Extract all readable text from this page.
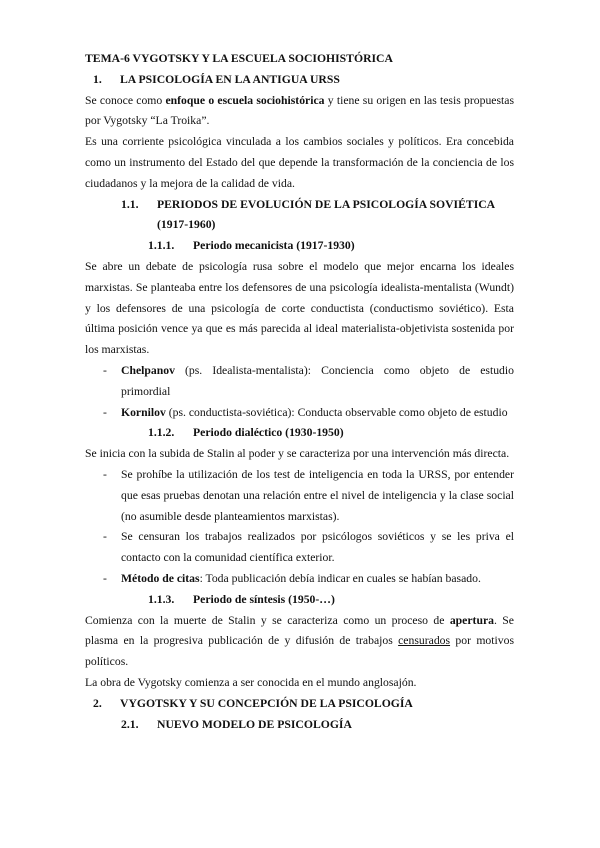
TEMA-6 VYGOTSKY Y LA ESCUELA SOCIOHISTÓRICA

1.	LA PSICOLOGÍA EN LA ANTIGUA URSS

Se conoce como enfoque o escuela sociohistórica y tiene su origen en las tesis propuestas por Vygotsky “La Troika”.

Es una corriente psicológica vinculada a los cambios sociales y políticos. Era concebida como un instrumento del Estado del que depende la transformación de la conciencia de los ciudadanos y la mejora de la calidad de vida.

1.1.	PERIODOS DE EVOLUCIÓN DE LA PSICOLOGÍA SOVIÉTICA (1917-1960)
1.1.1.	Periodo mecanicista (1917-1930)

Se abre un debate de psicología rusa sobre el modelo que mejor encarna los ideales marxistas. Se planteaba entre los defensores de una psicología idealista-mentalista (Wundt) y los defensores de una psicología de corte conductista (conductismo soviético). Esta última posición vence ya que es más parecida al ideal materialista-objetivista sostenida por los marxistas.

-	Chelpanov (ps. Idealista-mentalista): Conciencia como objeto de estudio primordial
-	Kornilov (ps. conductista-soviética): Conducta observable como objeto de estudio
1.1.2.	Periodo dialéctico (1930-1950)

Se inicia con la subida de Stalin al poder y se caracteriza por una intervención más directa.

-	Se prohíbe la utilización de los test de inteligencia en toda la URSS, por entender que esas pruebas denotan una relación entre el nivel de inteligencia y la clase social (no asumible desde planteamientos marxistas).
-	Se censuran los trabajos realizados por psicólogos soviéticos y se les priva el contacto con la comunidad científica exterior.
-	Método de citas: Toda publicación debía indicar en cuales se habían basado.
1.1.3.	Periodo de síntesis (1950-…)

Comienza con la muerte de Stalin y se caracteriza como un proceso de apertura. Se plasma en la progresiva publicación de y difusión de trabajos censurados por motivos políticos.

La obra de Vygotsky comienza a ser conocida en el mundo anglosajón.

2.	VYGOTSKY Y SU CONCEPCIÓN DE LA PSICOLOGÍA
2.1.	NUEVO MODELO DE PSICOLOGÍA
